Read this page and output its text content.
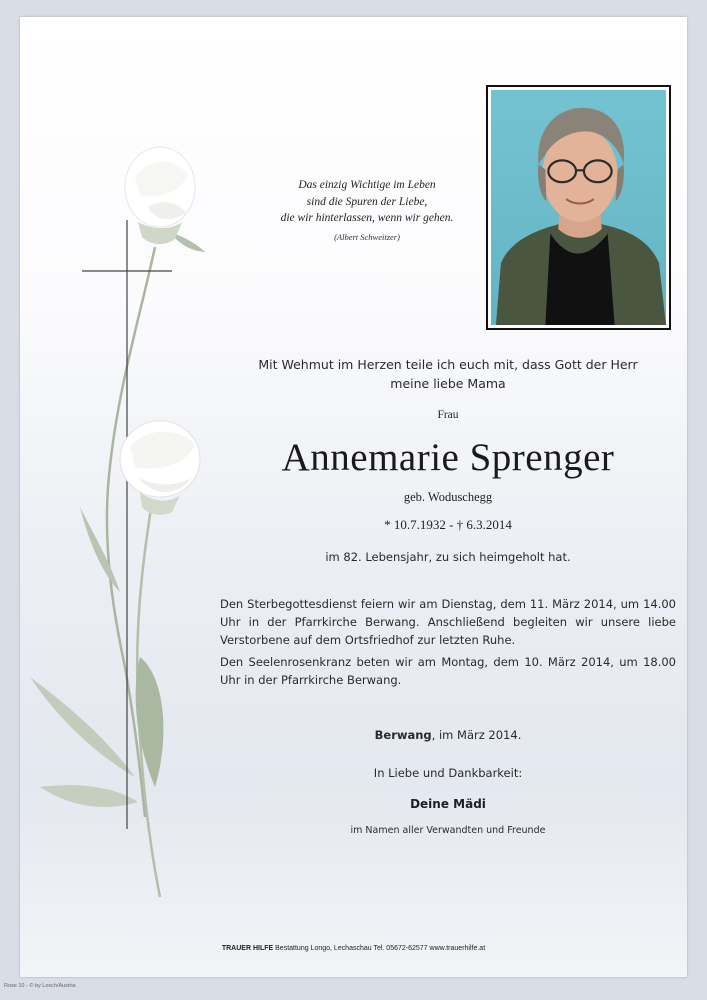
Das einzig Wichtige im Leben
sind die Spuren der Liebe,
die wir hinterlassen, wenn wir gehen.
(Albert Schweitzer)
Mit Wehmut im Herzen teile ich euch mit, dass Gott der Herr
meine liebe Mama
Frau
Annemarie Sprenger
geb. Woduschegg
* 10.7.1932 - † 6.3.2014
im 82. Lebensjahr, zu sich heimgeholt hat.
Den Sterbegottesdienst feiern wir am Dienstag, dem 11. März 2014, um 14.00 Uhr in der Pfarrkirche Berwang. Anschließend begleiten wir unsere liebe Verstorbene auf dem Ortsfriedhof zur letzten Ruhe.
Den Seelenrosenkranz beten wir am Montag, dem 10. März 2014, um 18.00 Uhr in der Pfarrkirche Berwang.
Berwang, im März 2014.
In Liebe und Dankbarkeit:
Deine Mädi
im Namen aller Verwandten und Freunde
TRAUER HILFE Bestattung Longo, Lechaschau Tel. 05672-62577 www.trauerhilfe.at
Rose 10 - © by Losch/Austria
